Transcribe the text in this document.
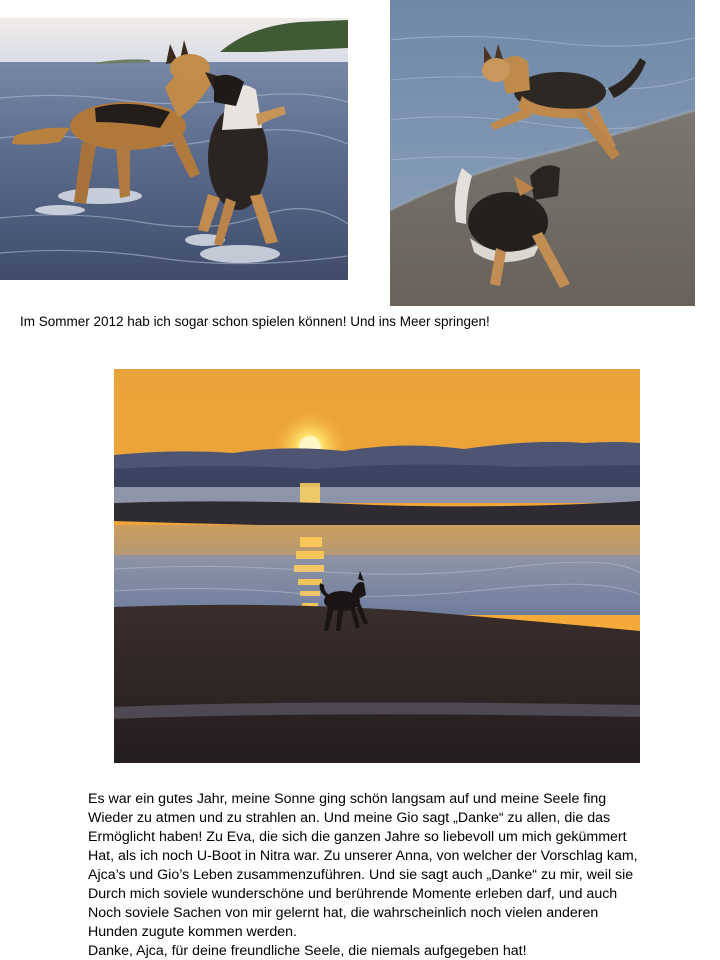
Im Sommer 2012 hab ich sogar schon spielen können! Und ins Meer springen!
Es war ein gutes Jahr, meine Sonne ging schön langsam auf und meine Seele fing
Wieder zu atmen und zu strahlen an. Und meine Gio sagt „Danke“ zu allen, die das
Ermöglicht haben! Zu Eva, die sich die ganzen Jahre so liebevoll um mich gekümmert
Hat, als ich noch U-Boot in Nitra war. Zu unserer Anna, von welcher der Vorschlag kam,
Ajca’s und Gio’s Leben zusammenzuführen. Und sie sagt auch „Danke“ zu mir, weil sie
Durch mich soviele wunderschöne und berührende Momente erleben darf, und auch
Noch soviele Sachen von mir gelernt hat, die wahrscheinlich noch vielen anderen
Hunden zugute kommen werden.
Danke, Ajca, für deine freundliche Seele, die niemals aufgegeben hat!
